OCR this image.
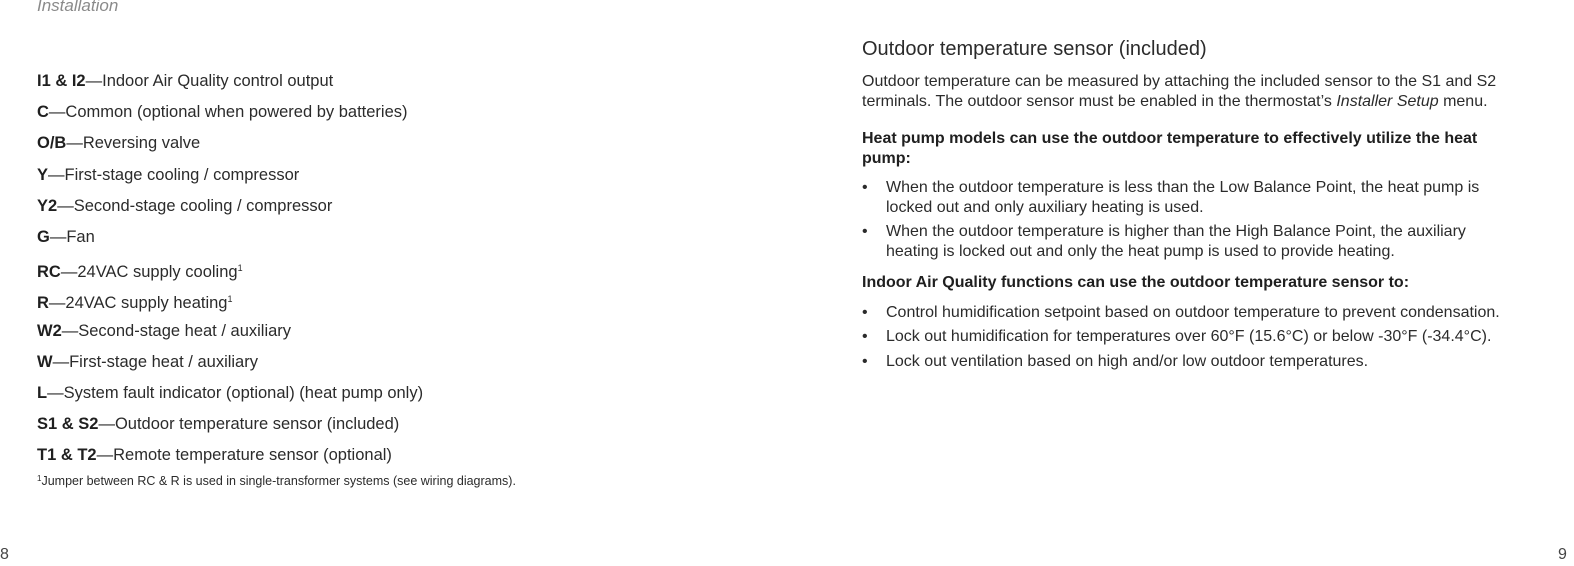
Installation
I1 & I2—Indoor Air Quality control output
C—Common (optional when powered by batteries)
O/B—Reversing valve
Y—First-stage cooling / compressor
Y2—Second-stage cooling / compressor
G—Fan
RC—24VAC supply cooling$^1$
R—24VAC supply heating$^1$
W2—Second-stage heat / auxiliary
W—First-stage heat / auxiliary
L—System fault indicator (optional) (heat pump only)
S1 & S2—Outdoor temperature sensor (included)
T1 & T2—Remote temperature sensor (optional)
$^1$Jumper between RC & R is used in single-transformer systems (see wiring diagrams).
Outdoor temperature sensor (included)

Outdoor temperature can be measured by attaching the included sensor to the S1 and S2 terminals. The outdoor sensor must be enabled in the thermostat’s Installer Setup menu.

Heat pump models can use the outdoor temperature to effectively utilize the heat pump:

• When the outdoor temperature is less than the Low Balance Point, the heat pump is locked out and only auxiliary heating is used.
• When the outdoor temperature is higher than the High Balance Point, the auxiliary heating is locked out and only the heat pump is used to provide heating.

Indoor Air Quality functions can use the outdoor temperature sensor to:

• Control humidification setpoint based on outdoor temperature to prevent condensation.
• Lock out humidification for temperatures over 60°F (15.6°C) or below -30°F (-34.4°C).
• Lock out ventilation based on high and/or low outdoor temperatures.
8	9
